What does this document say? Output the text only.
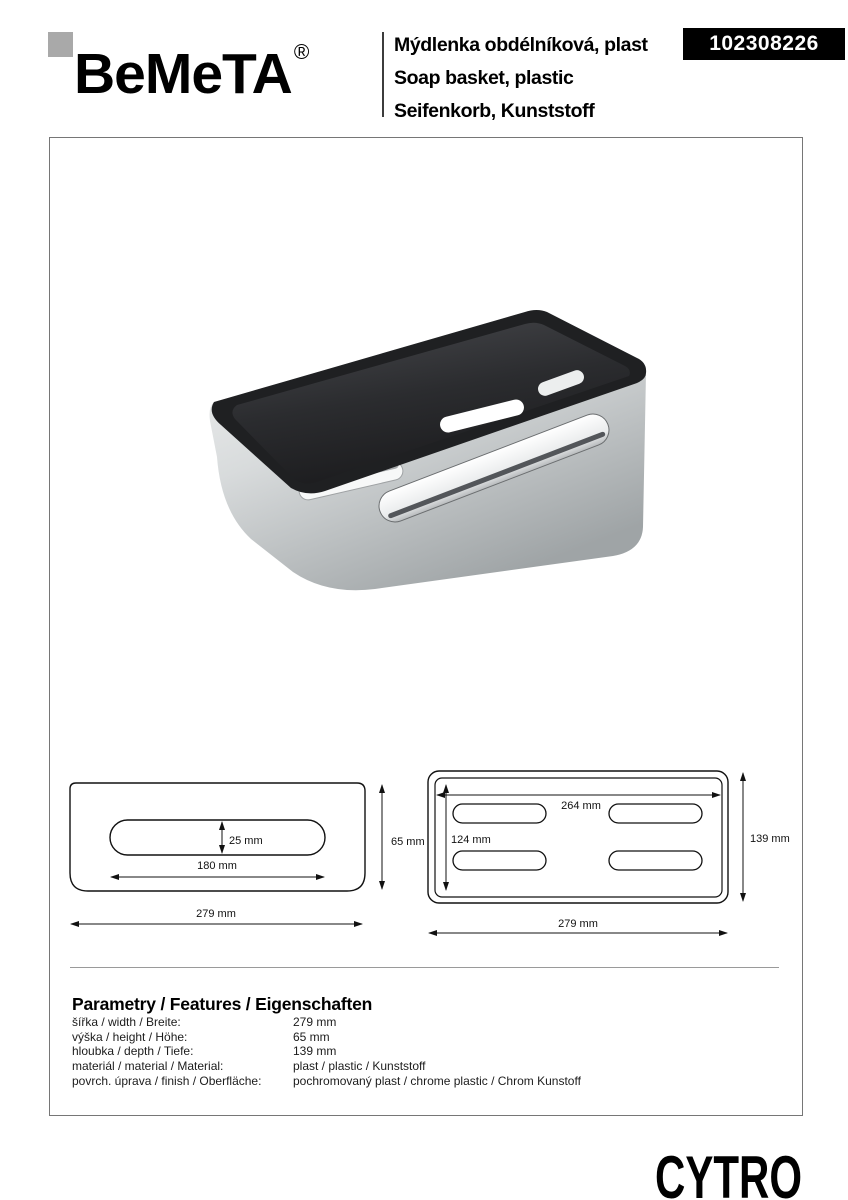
BeMeTA®	Mýdlenka obdélníková, plast
Soap basket, plastic
Seifenkorb, Kunststoff
102308226
25 mm
180 mm
65 mm
279 mm
264 mm
124 mm	139 mm
279 mm
Parametry / Features / Eigenschaften
šířka / width / Breite:	279 mm
výška / height / Höhe:	65 mm
hloubka / depth / Tiefe:	139 mm
materiál / material / Material:	plast / plastic / Kunststoff
povrch. úprava / finish / Oberfläche:	pochromovaný plast / chrome plastic / Chrom Kunstoff
CYTRO
